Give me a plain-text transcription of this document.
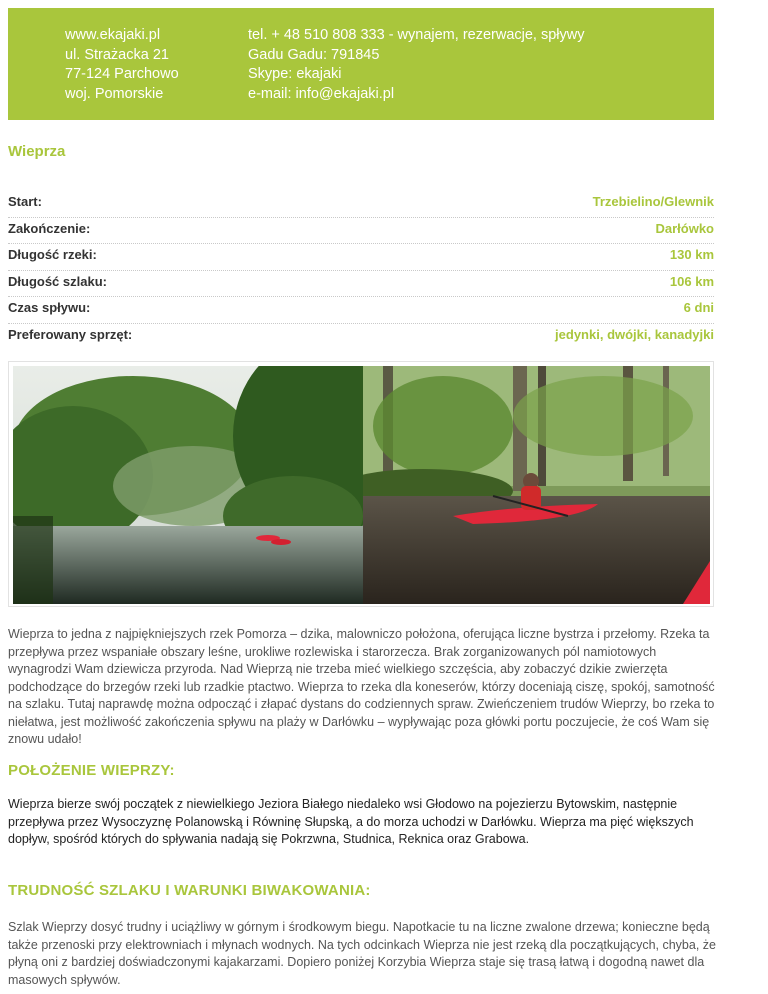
www.ekajaki.pl
ul. Strażacka 21
77-124 Parchowo
woj. Pomorskie
tel. + 48 510 808 333 - wynajem, rezerwacje, spływy
Gadu Gadu: 791845
Skype: ekajaki
e-mail: info@ekajaki.pl
Wieprza
Start:	Trzebielino/Glewnik
Zakończenie:	Darłówko
Długość rzeki:	130 km
Długość szlaku:	106 km
Czas spływu:	6 dni
Preferowany sprzęt:	jedynki, dwójki, kanadyjki

Wieprza to jedna z najpiękniejszych rzek Pomorza – dzika, malowniczo położona, oferująca liczne bystrza i przełomy. Rzeka ta przepływa przez wspaniałe obszary leśne, urokliwe rozlewiska i starorzecza. Brak zorganizowanych pól namiotowych wynagrodzi Wam dziewicza przyroda. Nad Wieprzą nie trzeba mieć wielkiego szczęścia, aby zobaczyć dzikie zwierzęta podchodzące do brzegów rzeki lub rzadkie ptactwo. Wieprza to rzeka dla koneserów, którzy doceniają ciszę, spokój, samotność na szlaku. Tutaj naprawdę można odpocząć i złapać dystans do codziennych spraw. Zwieńczeniem trudów Wieprzy, bo rzeka to niełatwa, jest możliwość zakończenia spływu na plaży w Darłówku – wypływając poza główki portu poczujecie, że coś Wam się znowu udało!

POŁOŻENIE WIEPRZY:

Wieprza bierze swój początek z niewielkiego Jeziora Białego niedaleko wsi Głodowo na pojezierzu Bytowskim, następnie przepływa przez Wysoczyznę Polanowską i Równinę Słupską, a do morza uchodzi w Darłówku. Wieprza ma pięć większych dopływ, spośród których do spływania nadają się Pokrzwna, Studnica, Reknica oraz Grabowa.

TRUDNOŚĆ SZLAKU I WARUNKI BIWAKOWANIA:

Szlak Wieprzy dosyć trudny i uciążliwy w górnym i środkowym biegu. Napotkacie tu na liczne zwalone drzewa; konieczne będą także przenoski przy elektrowniach i młynach wodnych. Na tych odcinkach Wieprza nie jest rzeką dla początkujących, chyba, że płyną oni z bardziej doświadczonymi kajakarzami. Dopiero poniżej Korzybia Wieprza staje się trasą łatwą i dogodną nawet dla masowych spływów.
